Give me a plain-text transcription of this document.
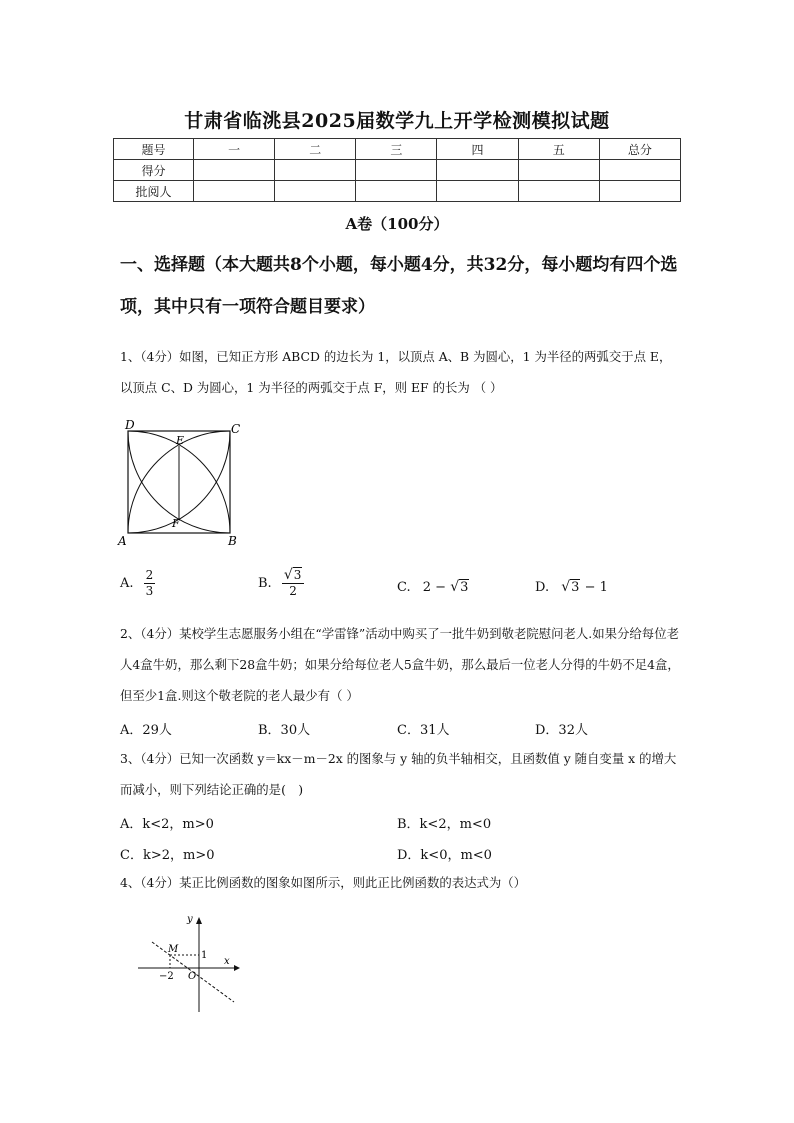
甘肃省临洮县2025届数学九上开学检测模拟试题
题号	一	二	三	四	五	总分
得分						
批阅人						
A卷（100分）
一、选择题（本大题共8个小题，每小题4分，共32分，每小题均有四个选项，其中只有一项符合题目要求）
1、（4分）如图，已知正方形 ABCD 的边长为 1，以顶点 A、B 为圆心，1 为半径的两弧交于点 E， 以顶点 C、D 为圆心，1 为半径的两弧交于点 F，则 EF 的长为 （ ）
A	B
C
D
E
F
A. $\frac{2}{3}$	B. $\frac{√3}{2}$	C. 2 − √3	D. √3 − 1
2、（4分）某校学生志愿服务小组在“学雷锋”活动中购买了一批牛奶到敬老院慰问老人.如果分给每位老人4盒牛奶，那么剩下28盒牛奶；如果分给每位老人5盒牛奶，那么最后一位老人分得的牛奶不足4盒，但至少1盒.则这个敬老院的老人最少有（ ）
A．29人	B．30人	C．31人	D．32人
3、（4分）已知一次函数 y＝kx－m－2x 的图象与 y 轴的负半轴相交，且函数值 y 随自变量 x 的增大而减小，则下列结论正确的是(　)
A．k<2，m>0	B．k<2，m<0
C．k>2，m>0	D．k<0，m<0
4、（4分）某正比例函数的图象如图所示，则此正比例函数的表达式为（）
y
x
M
1
−2 O
